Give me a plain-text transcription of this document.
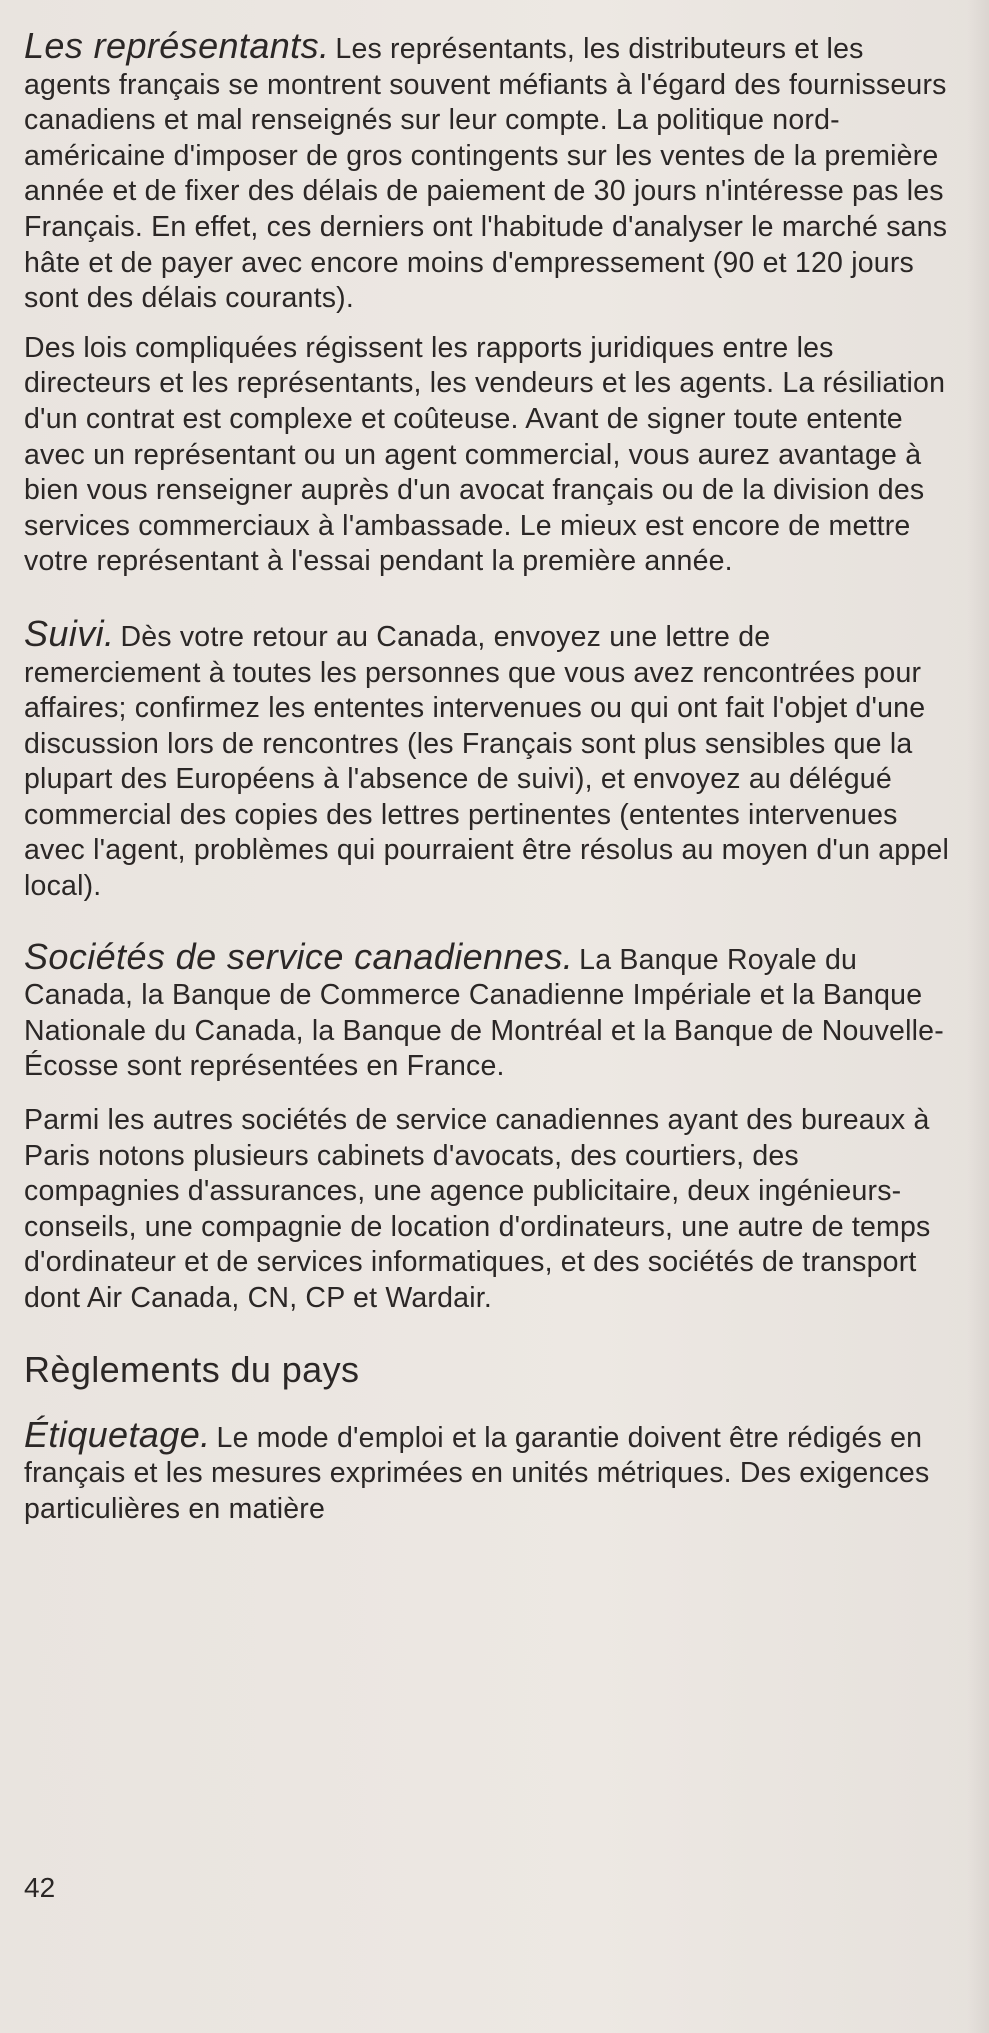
Les représentants. Les représentants, les distributeurs et les agents français se montrent souvent méfiants à l'égard des fournisseurs canadiens et mal renseignés sur leur compte. La politique nord-américaine d'imposer de gros contingents sur les ventes de la première année et de fixer des délais de paiement de 30 jours n'intéresse pas les Français. En effet, ces derniers ont l'habitude d'analyser le marché sans hâte et de payer avec encore moins d'empressement (90 et 120 jours sont des délais courants).

Des lois compliquées régissent les rapports juridiques entre les directeurs et les représentants, les vendeurs et les agents. La résiliation d'un contrat est complexe et coûteuse. Avant de signer toute entente avec un représentant ou un agent commercial, vous aurez avantage à bien vous renseigner auprès d'un avocat français ou de la division des services commerciaux à l'ambassade. Le mieux est encore de mettre votre représentant à l'essai pendant la première année.

Suivi. Dès votre retour au Canada, envoyez une lettre de remerciement à toutes les personnes que vous avez rencontrées pour affaires; confirmez les ententes intervenues ou qui ont fait l'objet d'une discussion lors de rencontres (les Français sont plus sensibles que la plupart des Européens à l'absence de suivi), et envoyez au délégué commercial des copies des lettres pertinentes (ententes intervenues avec l'agent, problèmes qui pourraient être résolus au moyen d'un appel local).

Sociétés de service canadiennes. La Banque Royale du Canada, la Banque de Commerce Canadienne Impériale et la Banque Nationale du Canada, la Banque de Montréal et la Banque de Nouvelle-Écosse sont représentées en France.

Parmi les autres sociétés de service canadiennes ayant des bureaux à Paris notons plusieurs cabinets d'avocats, des courtiers, des compagnies d'assurances, une agence publicitaire, deux ingénieurs-conseils, une compagnie de location d'ordinateurs, une autre de temps d'ordinateur et de services informatiques, et des sociétés de transport dont Air Canada, CN, CP et Wardair.

Règlements du pays

Étiquetage. Le mode d'emploi et la garantie doivent être rédigés en français et les mesures exprimées en unités métriques. Des exigences particulières en matière

42
